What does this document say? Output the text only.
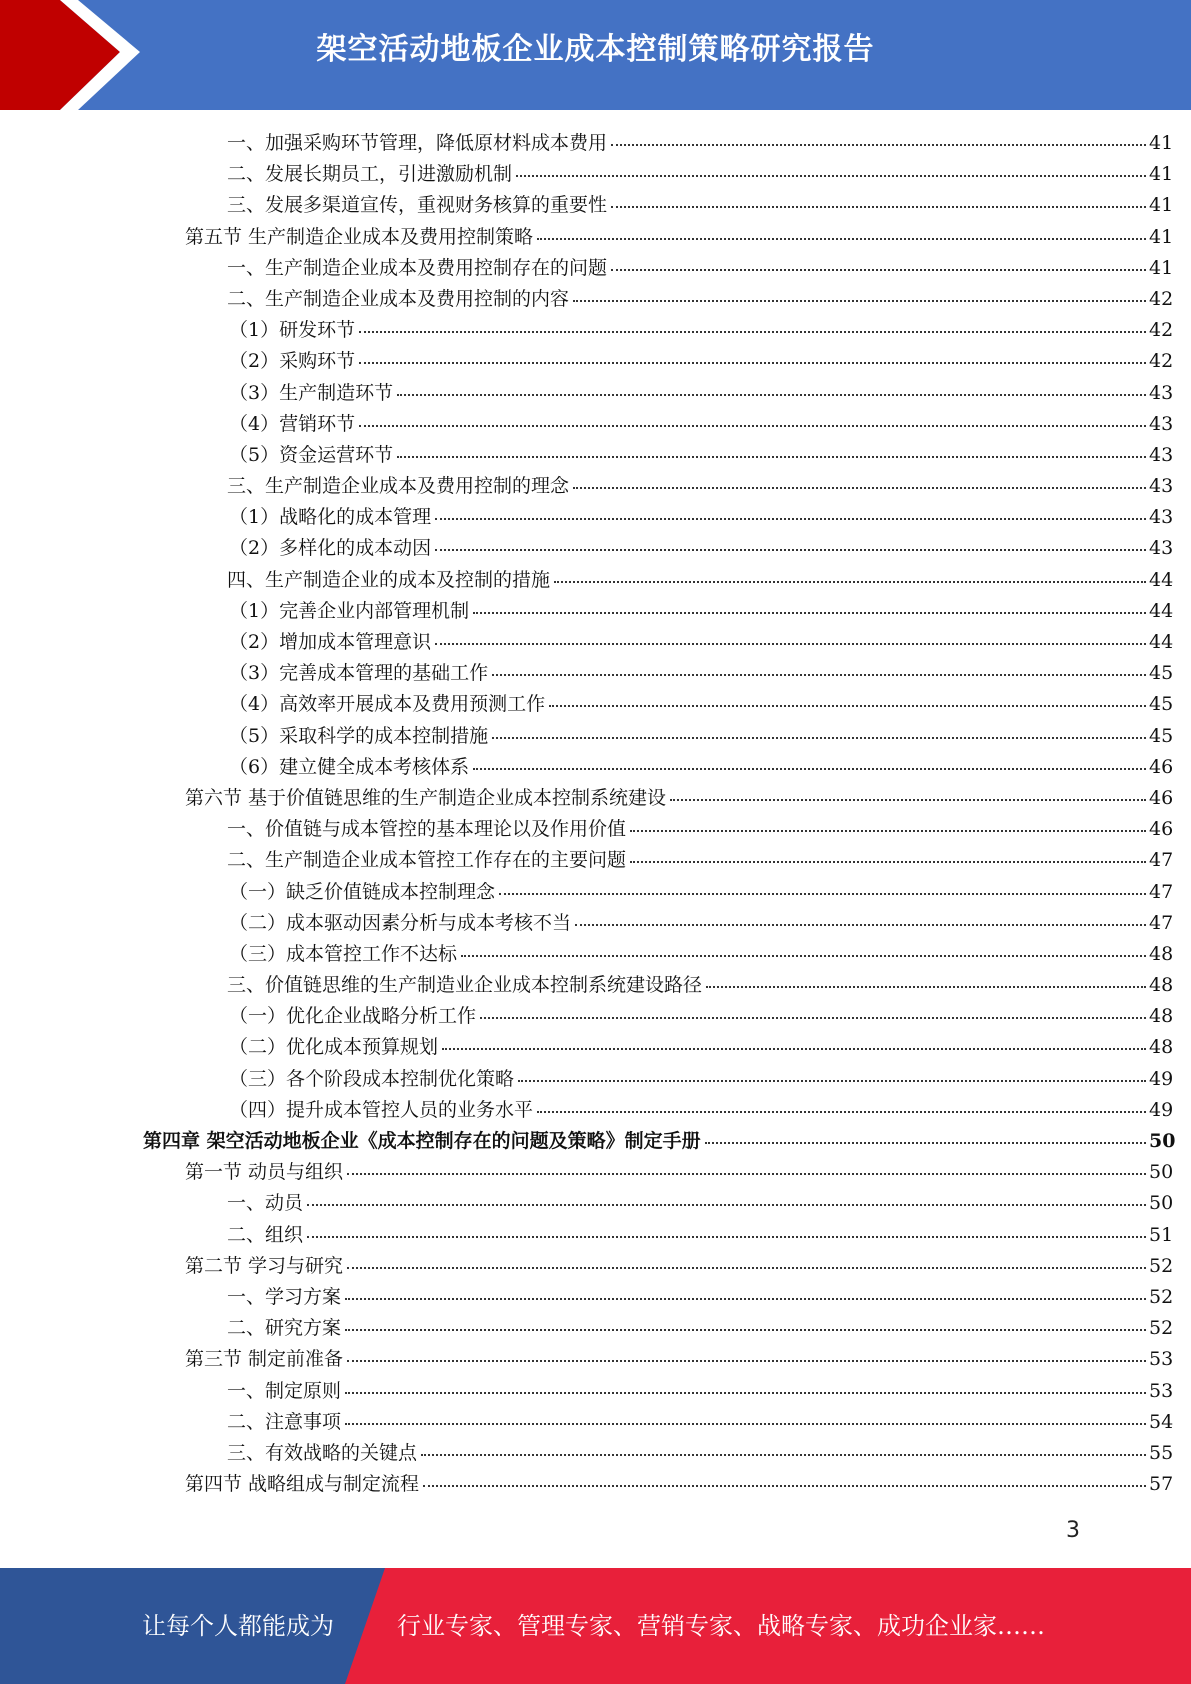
架空活动地板企业成本控制策略研究报告
一、加强采购环节管理，降低原材料成本费用	41
二、发展长期员工，引进激励机制	41
三、发展多渠道宣传，重视财务核算的重要性	41
第五节 生产制造企业成本及费用控制策略	41
一、生产制造企业成本及费用控制存在的问题	41
二、生产制造企业成本及费用控制的内容	42
（1）研发环节	42
（2）采购环节	42
（3）生产制造环节	43
（4）营销环节	43
（5）资金运营环节	43
三、生产制造企业成本及费用控制的理念	43
（1）战略化的成本管理	43
（2）多样化的成本动因	43
四、生产制造企业的成本及控制的措施	44
（1）完善企业内部管理机制	44
（2）增加成本管理意识	44
（3）完善成本管理的基础工作	45
（4）高效率开展成本及费用预测工作	45
（5）采取科学的成本控制措施	45
（6）建立健全成本考核体系	46
第六节 基于价值链思维的生产制造企业成本控制系统建设	46
一、价值链与成本管控的基本理论以及作用价值	46
二、生产制造企业成本管控工作存在的主要问题	47
（一）缺乏价值链成本控制理念	47
（二）成本驱动因素分析与成本考核不当	47
（三）成本管控工作不达标	48
三、价值链思维的生产制造业企业成本控制系统建设路径	48
（一）优化企业战略分析工作	48
（二）优化成本预算规划	48
（三）各个阶段成本控制优化策略	49
（四）提升成本管控人员的业务水平	49
第四章 架空活动地板企业《成本控制存在的问题及策略》制定手册	50
第一节 动员与组织	50
一、动员	50
二、组织	51
第二节 学习与研究	52
一、学习方案	52
二、研究方案	52
第三节 制定前准备	53
一、制定原则	53
二、注意事项	54
三、有效战略的关键点	55
第四节 战略组成与制定流程	57
3
让每个人都能成为	行业专家、管理专家、营销专家、战略专家、成功企业家……
